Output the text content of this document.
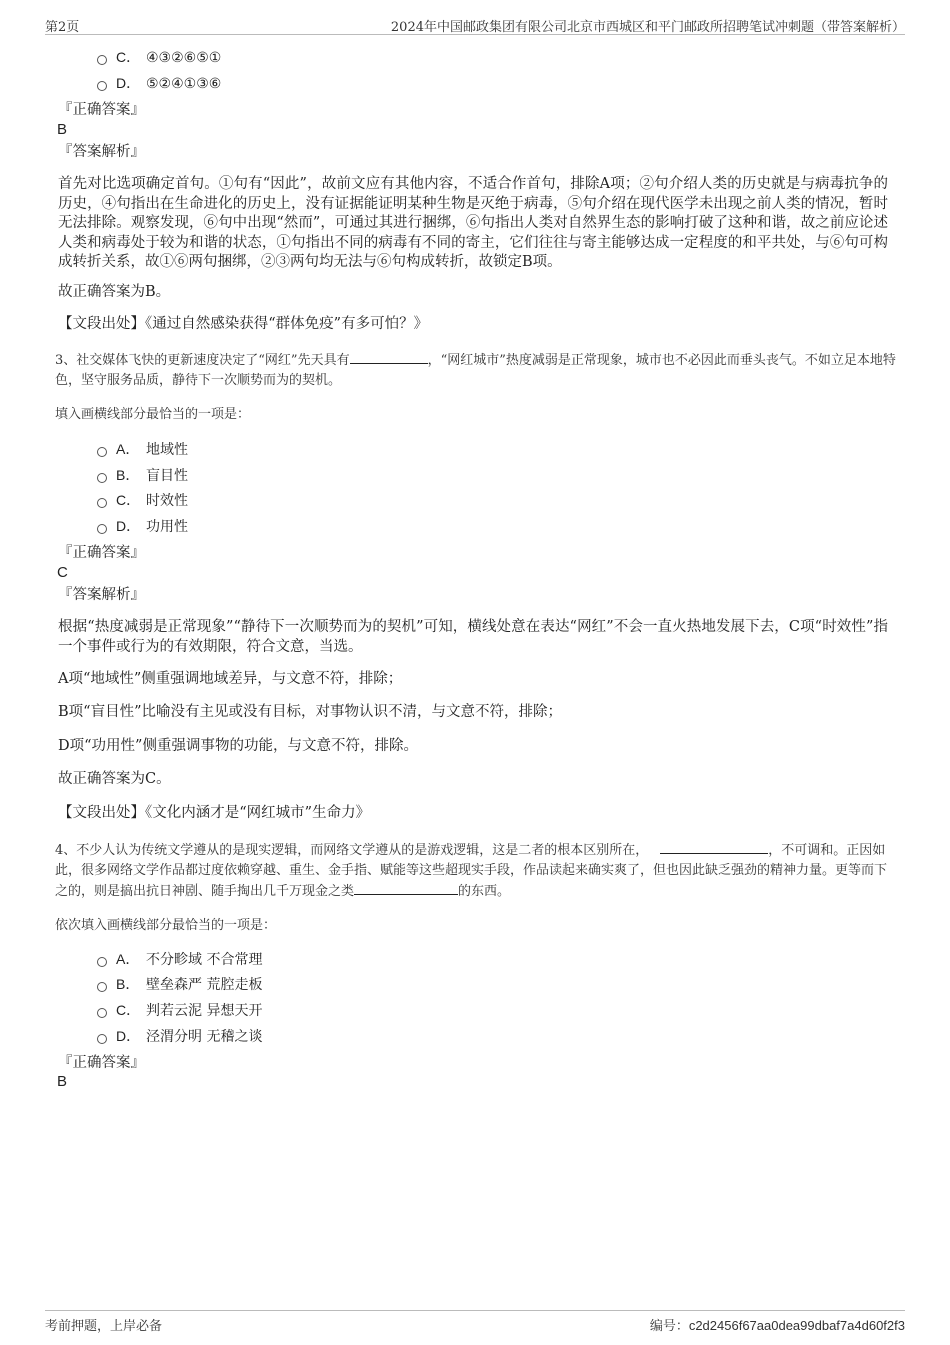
第2页	2024年中国邮政集团有限公司北京市西城区和平门邮政所招聘笔试冲刺题（带答案解析）
C． ④③②⑥⑤①
D． ⑤②④①③⑥
『正确答案』
B
『答案解析』
首先对比选项确定首句。①句有“因此”，故前文应有其他内容，不适合作首句，排除A项；②句介绍人类的历史就是与病毒抗争的历史，④句指出在生命进化的历史上，没有证据能证明某种生物是灭绝于病毒，⑤句介绍在现代医学未出现之前人类的情况，暂时无法排除。观察发现，⑥句中出现“然而”，可通过其进行捆绑，⑥句指出人类对自然界生态的影响打破了这种和谐，故之前应论述人类和病毒处于较为和谐的状态，①句指出不同的病毒有不同的寄主，它们往往与寄主能够达成一定程度的和平共处，与⑥句可构成转折关系，故①⑥两句捆绑，②③两句均无法与⑥句构成转折，故锁定B项。
故正确答案为B。
【文段出处】《通过自然感染获得“群体免疫”有多可怕？》
3、社交媒体飞快的更新速度决定了“网红”先天具有	，“网红城市”热度减弱是正常现象，城市也不必因此而垂头丧气。不如立足本地特色，坚守服务品质，静待下一次顺势而为的契机。
填入画横线部分最恰当的一项是：
A． 地域性
B． 盲目性
C． 时效性
D． 功用性
『正确答案』
C
『答案解析』
根据“热度减弱是正常现象”“静待下一次顺势而为的契机”可知，横线处意在表达“网红”不会一直火热地发展下去，C项“时效性”指一个事件或行为的有效期限，符合文意，当选。
A项“地域性”侧重强调地域差异，与文意不符，排除；
B项“盲目性”比喻没有主见或没有目标，对事物认识不清，与文意不符，排除；
D项“功用性”侧重强调事物的功能，与文意不符，排除。
故正确答案为C。
【文段出处】《文化内涵才是“网红城市”生命力》
4、不少人认为传统文学遵从的是现实逻辑，而网络文学遵从的是游戏逻辑，这是二者的根本区别所在，	，不可调和。正因如此，很多网络文学作品都过度依赖穿越、重生、金手指、赋能等这些超现实手段，作品读起来确实爽了，但也因此缺乏强劲的精神力量。更等而下之的，则是搞出抗日神剧、随手掏出几千万现金之类	的东西。
依次填入画横线部分最恰当的一项是：
A． 不分畛域 不合常理
B． 壁垒森严 荒腔走板
C． 判若云泥 异想天开
D． 泾渭分明 无稽之谈
『正确答案』
B
考前押题，上岸必备	编号：c2d2456f67aa0dea99dbaf7a4d60f2f3
